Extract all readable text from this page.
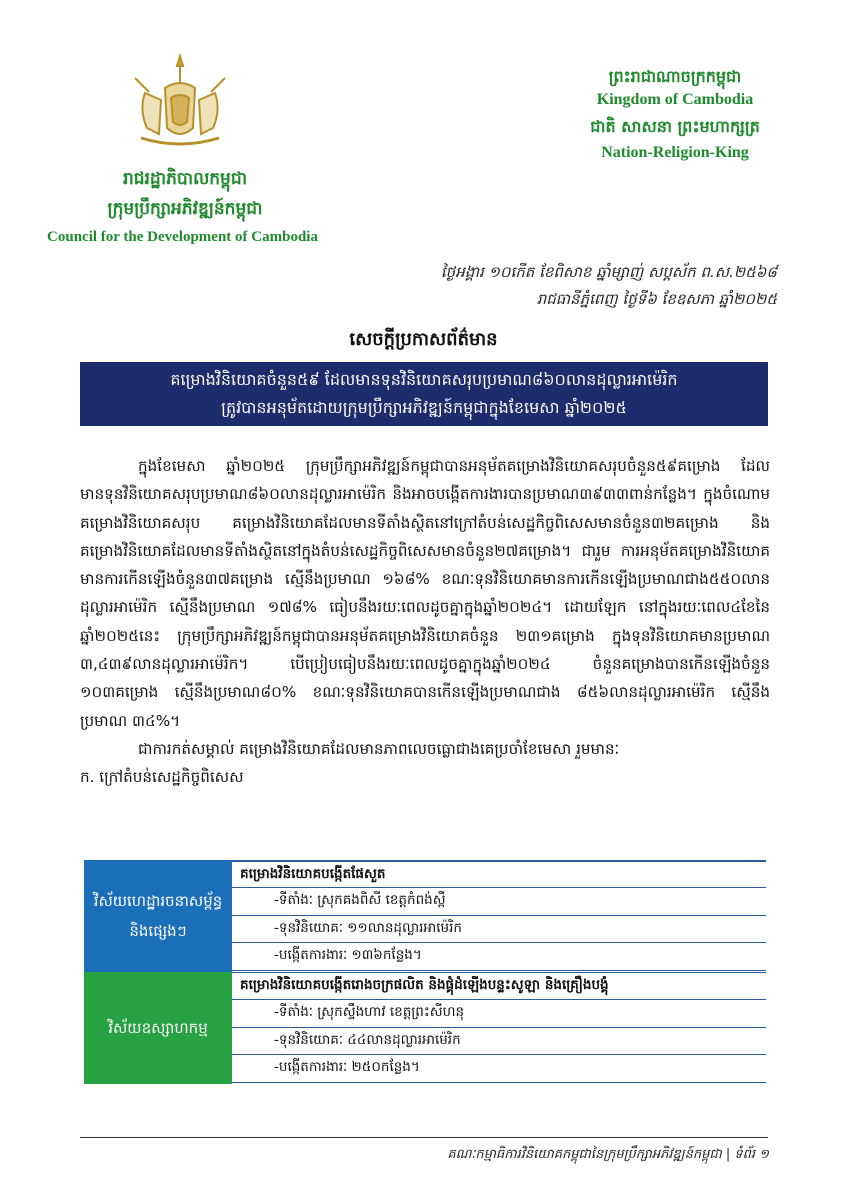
រាជរដ្ឋាភិបាលកម្ពុជា
ក្រុមប្រឹក្សាអភិវឌ្ឍន៍កម្ពុជា
Council for the Development of Cambodia
ព្រះរាជាណាចក្រកម្ពុជា
Kingdom of Cambodia
ជាតិ សាសនា ព្រះមហាក្សត្រ
Nation-Religion-King
ថ្ងៃអង្គារ ១០កើត ខែពិសាខ ឆ្នាំម្សាញ់ សប្តស័ក ព.ស.២៥៦៨
រាជធានីភ្នំពេញ ថ្ងៃទី៦ ខែឧសភា ឆ្នាំ២០២៥
សេចក្តីប្រកាសព័ត៌មាន
គម្រោងវិនិយោគចំនួន៥៩ ដែលមានទុនវិនិយោគសរុបប្រមាណ៨៦០លានដុល្លារអាម៉េរិក
ត្រូវបានអនុម័តដោយក្រុមប្រឹក្សាអភិវឌ្ឍន៍កម្ពុជាក្នុងខែមេសា ឆ្នាំ២០២៥

ក្នុងខែមេសា ឆ្នាំ២០២៥ ក្រុមប្រឹក្សាអភិវឌ្ឍន៍កម្ពុជាបានអនុម័តគម្រោងវិនិយោគសរុបចំនួន៥៩គម្រោង ដែលមានទុនវិនិយោគសរុបប្រមាណ៨៦០លានដុល្លារអាម៉េរិក និងអាចបង្កើតការងារបានប្រមាណ៣៩៣៣ពាន់កន្លែង។ ក្នុងចំណោមគម្រោងវិនិយោគសរុប គម្រោងវិនិយោគដែលមានទីតាំងស្ថិតនៅក្រៅតំបន់សេដ្ឋកិច្ចពិសេសមានចំនួន៣២គម្រោង និងគម្រោងវិនិយោគដែលមានទីតាំងស្ថិតនៅក្នុងតំបន់សេដ្ឋកិច្ចពិសេសមានចំនួន២៧គម្រោង។ ជារួម ការអនុម័តគម្រោងវិនិយោគមានការកើនឡើងចំនួន៣៧គម្រោង ស្មើនឹងប្រមាណ ១៦៨% ខណៈទុនវិនិយោគមានការកើនឡើងប្រមាណជាង៥៥០លានដុល្លារអាម៉េរិក ស្មើនឹងប្រមាណ ១៧៨% ធៀបនឹងរយៈពេលដូចគ្នាក្នុងឆ្នាំ២០២៤។ ដោយឡែក នៅក្នុងរយៈពេល៤ខែនៃឆ្នាំ២០២៥នេះ ក្រុមប្រឹក្សាអភិវឌ្ឍន៍កម្ពុជាបានអនុម័តគម្រោងវិនិយោគចំនួន ២៣១គម្រោង ក្នុងទុនវិនិយោគមានប្រមាណ ៣,៤៣៩លានដុល្លារអាម៉េរិក។ បើប្រៀបធៀបនឹងរយៈពេលដូចគ្នាក្នុងឆ្នាំ២០២៤ ចំនួនគម្រោងបានកើនឡើងចំនួន ១០៣គម្រោង ស្មើនឹងប្រមាណ៨០% ខណៈទុនវិនិយោគបានកើនឡើងប្រមាណជាង ៨៥៦លានដុល្លារអាម៉េរិក ស្មើនឹងប្រមាណ ៣៤%។

ជាការកត់សម្គាល់ គម្រោងវិនិយោគដែលមានភាពលេចធ្លោជាងគេប្រចាំខែមេសា រួមមានៈ

ក. ក្រៅតំបន់សេដ្ឋកិច្ចពិសេស

វិស័យហេដ្ឋារចនាសម្ព័ន្ធ និងផ្សេងៗ
គម្រោងវិនិយោគបង្កើតផែសួត
-ទីតាំងៈ ស្រុកគងពិសី ខេត្តកំពង់ស្ពឺ
-ទុនវិនិយោគៈ ១១លានដុល្លារអាម៉េរិក
-បង្កើតការងារៈ ១៣៦កន្លែង។
វិស័យឧស្សាហកម្ម
គម្រោងវិនិយោគបង្កើតរោងចក្រផលិត និងផ្គុំដំឡើងបន្ទះសូឡា និងគ្រឿងបង្គុំ
-ទីតាំងៈ ស្រុកស្ទឹងហាវ ខេត្តព្រះសីហនុ
-ទុនវិនិយោគៈ ៤៤លានដុល្លារអាម៉េរិក
-បង្កើតការងារៈ ២៥០កន្លែង។
គណៈកម្មាធិការវិនិយោគកម្ពុជានៃក្រុមប្រឹក្សាអភិវឌ្ឍន៍កម្ពុជា | ទំព័រ ១
